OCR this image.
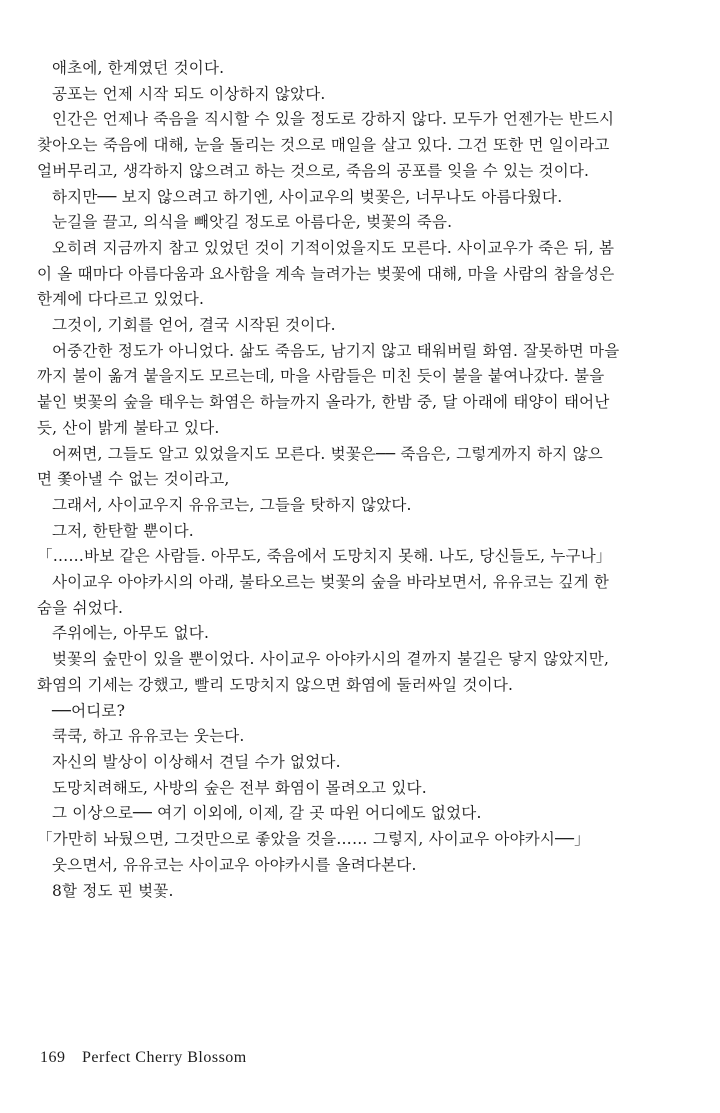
애초에, 한계였던 것이다.
공포는 언제 시작 되도 이상하지 않았다.
인간은 언제나 죽음을 직시할 수 있을 정도로 강하지 않다. 모두가 언젠가는 반드시
찾아오는 죽음에 대해, 눈을 돌리는 것으로 매일을 살고 있다. 그건 또한 먼 일이라고
얼버무리고, 생각하지 않으려고 하는 것으로, 죽음의 공포를 잊을 수 있는 것이다.
하지만── 보지 않으려고 하기엔, 사이교우의 벚꽃은, 너무나도 아름다웠다.
눈길을 끌고, 의식을 빼앗길 정도로 아름다운, 벚꽃의 죽음.
오히려 지금까지 참고 있었던 것이 기적이었을지도 모른다. 사이교우가 죽은 뒤, 봄
이 올 때마다 아름다움과 요사함을 계속 늘려가는 벚꽃에 대해, 마을 사람의 참을성은
한계에 다다르고 있었다.
그것이, 기회를 얻어, 결국 시작된 것이다.
어중간한 정도가 아니었다. 삶도 죽음도, 남기지 않고 태워버릴 화염. 잘못하면 마을
까지 불이 옮겨 붙을지도 모르는데, 마을 사람들은 미친 듯이 불을 붙여나갔다. 불을
붙인 벚꽃의 숲을 태우는 화염은 하늘까지 올라가, 한밤 중, 달 아래에 태양이 태어난
듯, 산이 밝게 불타고 있다.
어쩌면, 그들도 알고 있었을지도 모른다. 벚꽃은── 죽음은, 그렇게까지 하지 않으
면 쫓아낼 수 없는 것이라고,
그래서, 사이교우지 유유코는, 그들을 탓하지 않았다.
그저, 한탄할 뿐이다.
「……바보 같은 사람들. 아무도, 죽음에서 도망치지 못해. 나도, 당신들도, 누구나」
사이교우 아야카시의 아래, 불타오르는 벚꽃의 숲을 바라보면서, 유유코는 깊게 한
숨을 쉬었다.
주위에는, 아무도 없다.
벚꽃의 숲만이 있을 뿐이었다. 사이교우 아야카시의 곁까지 불길은 닿지 않았지만,
화염의 기세는 강했고, 빨리 도망치지 않으면 화염에 둘러싸일 것이다.
──어디로?
쿡쿡, 하고 유유코는 웃는다.
자신의 발상이 이상해서 견딜 수가 없었다.
도망치려해도, 사방의 숲은 전부 화염이 몰려오고 있다.
그 이상으로── 여기 이외에, 이제, 갈 곳 따윈 어디에도 없었다.
「가만히 놔뒀으면, 그것만으로 좋았을 것을…… 그렇지, 사이교우 아야카시──」
웃으면서, 유유코는 사이교우 아야카시를 올려다본다.
8할 정도 핀 벚꽃.
169 Perfect Cherry Blossom
